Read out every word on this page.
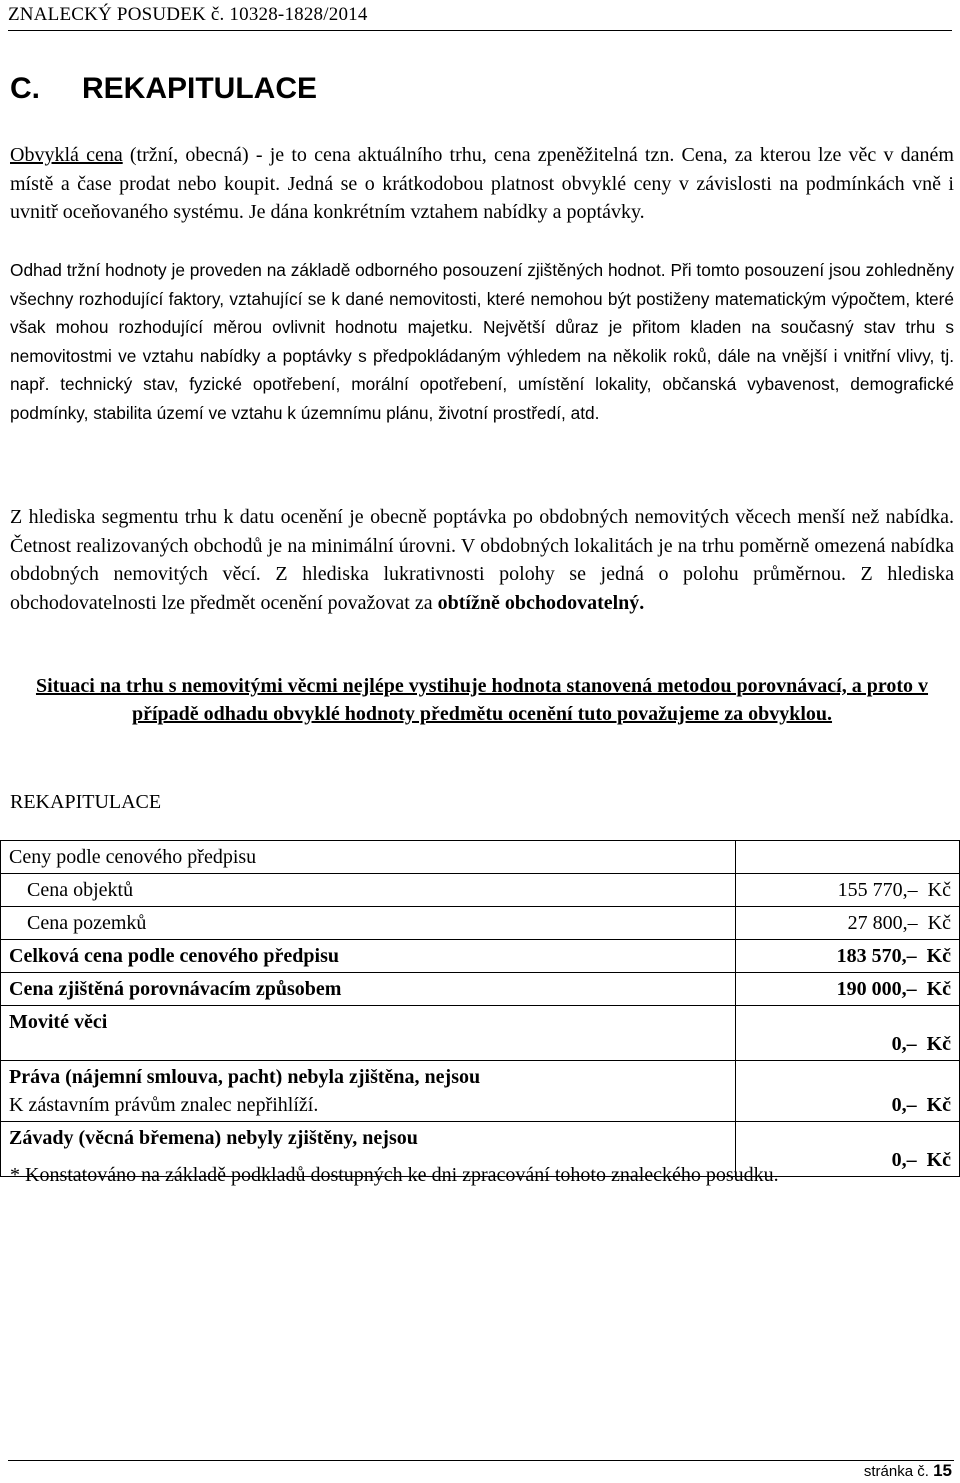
ZNALECKÝ POSUDEK č. 10328-1828/2014
C. REKAPITULACE
Obvyklá cena (tržní, obecná) - je to cena aktuálního trhu, cena zpeněžitelná tzn. Cena, za kterou lze věc v daném místě a čase prodat nebo koupit. Jedná se o krátkodobou platnost obvyklé ceny v závislosti na podmínkách vně i uvnitř oceňovaného systému. Je dána konkrétním vztahem nabídky a poptávky.
Odhad tržní hodnoty je proveden na základě odborného posouzení zjištěných hodnot. Při tomto posouzení jsou zohledněny všechny rozhodující faktory, vztahující se k dané nemovitosti, které nemohou být postiženy matematickým výpočtem, které však mohou rozhodující měrou ovlivnit hodnotu majetku. Největší důraz je přitom kladen na současný stav trhu s nemovitostmi ve vztahu nabídky a poptávky s předpokládaným výhledem na několik roků, dále na vnější i vnitřní vlivy, tj. např. technický stav, fyzické opotřebení, morální opotřebení, umístění lokality, občanská vybavenost, demografické podmínky, stabilita území ve vztahu k územnímu plánu, životní prostředí, atd.
Z hlediska segmentu trhu k datu ocenění je obecně poptávka po obdobných nemovitých věcech menší než nabídka. Četnost realizovaných obchodů je na minimální úrovni. V obdobných lokalitách je na trhu poměrně omezená nabídka obdobných nemovitých věcí. Z hlediska lukrativnosti polohy se jedná o polohu průměrnou. Z hlediska obchodovatelnosti lze předmět ocenění považovat za obtížně obchodovatelný.
Situaci na trhu s nemovitými věcmi nejlépe vystihuje hodnota stanovená metodou porovnávací, a proto v případě odhadu obvyklé hodnoty předmětu ocenění tuto považujeme za obvyklou.
REKAPITULACE
Ceny podle cenového předpisu	
Cena objektů	155 770,–  Kč
Cena pozemků	27 800,–  Kč
Celková cena podle cenového předpisu	183 570,–  Kč
Cena zjištěná porovnávacím způsobem	190 000,–  Kč
Movité věci	0,–  Kč
Práva (nájemní smlouva, pacht) nebyla zjištěna, nejsou
K zástavním právům znalec nepřihlíží.	0,–  Kč
Závady (věcná břemena) nebyly zjištěny, nejsou	0,–  Kč
* Konstatováno na základě podkladů dostupných ke dni zpracování tohoto znaleckého posudku.
stránka č. 15
